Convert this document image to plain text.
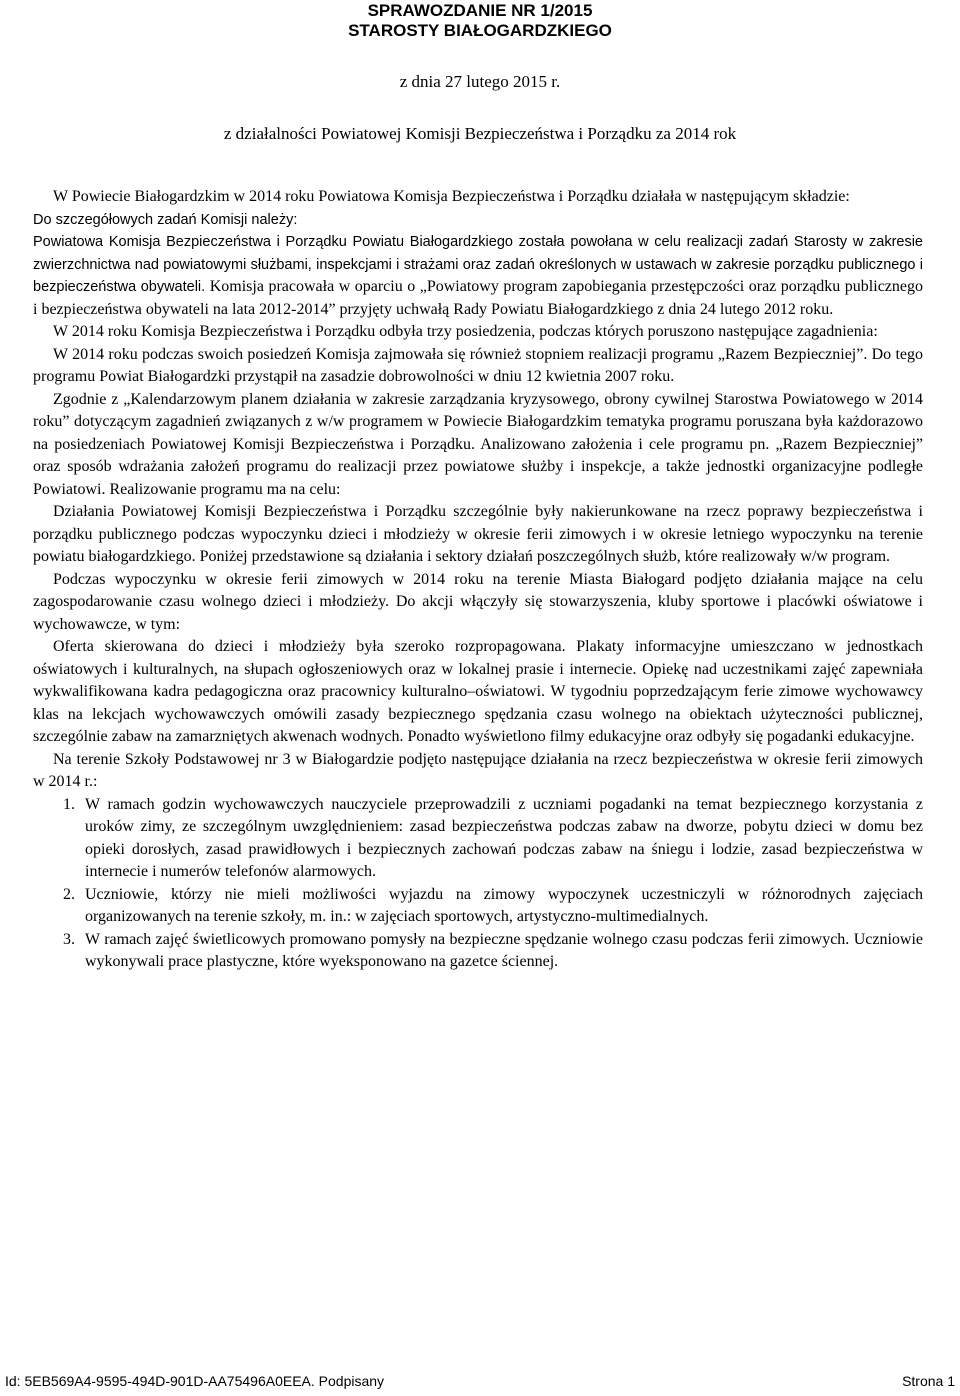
SPRAWOZDANIE NR 1/2015
STAROSTY BIAŁOGARDZKIEGO
z dnia 27 lutego 2015 r.
z działalności Powiatowej Komisji Bezpieczeństwa i Porządku za 2014 rok

W Powiecie Białogardzkim w 2014 roku Powiatowa Komisja Bezpieczeństwa i Porządku działała w następującym składzie:

Do szczegółowych zadań Komisji należy:

Powiatowa Komisja Bezpieczeństwa i Porządku Powiatu Białogardzkiego została powołana w celu realizacji zadań Starosty w zakresie zwierzchnictwa nad powiatowymi służbami, inspekcjami i strażami oraz zadań określonych w ustawach w zakresie porządku publicznego i bezpieczeństwa obywateli. Komisja pracowała w oparciu o „Powiatowy program zapobiegania przestępczości oraz porządku publicznego i bezpieczeństwa obywateli na lata 2012-2014” przyjęty uchwałą Rady Powiatu Białogardzkiego z dnia 24 lutego 2012 roku.

W 2014 roku Komisja Bezpieczeństwa i Porządku odbyła trzy posiedzenia, podczas których poruszono następujące zagadnienia:

W 2014 roku podczas swoich posiedzeń Komisja zajmowała się również stopniem realizacji programu „Razem Bezpieczniej”. Do tego programu Powiat Białogardzki przystąpił na zasadzie dobrowolności w dniu 12 kwietnia 2007 roku.

Zgodnie z „Kalendarzowym planem działania w zakresie zarządzania kryzysowego, obrony cywilnej Starostwa Powiatowego w 2014 roku” dotyczącym zagadnień związanych z w/w programem w Powiecie Białogardzkim tematyka programu poruszana była każdorazowo na posiedzeniach Powiatowej Komisji Bezpieczeństwa i Porządku. Analizowano założenia i cele programu pn. „Razem Bezpieczniej” oraz sposób wdrażania założeń programu do realizacji przez powiatowe służby i inspekcje, a także jednostki organizacyjne podległe Powiatowi. Realizowanie programu ma na celu:

Działania Powiatowej Komisji Bezpieczeństwa i Porządku szczególnie były nakierunkowane na rzecz poprawy bezpieczeństwa i porządku publicznego podczas wypoczynku dzieci i młodzieży w okresie ferii zimowych i w okresie letniego wypoczynku na terenie powiatu białogardzkiego. Poniżej przedstawione są działania i sektory działań poszczególnych służb, które realizowały w/w program.

Podczas wypoczynku w okresie ferii zimowych w 2014 roku na terenie Miasta Białogard podjęto działania mające na celu zagospodarowanie czasu wolnego dzieci i młodzieży. Do akcji włączyły się stowarzyszenia, kluby sportowe i placówki oświatowe i wychowawcze, w tym:

Oferta skierowana do dzieci i młodzieży była szeroko rozpropagowana. Plakaty informacyjne umieszczano w jednostkach oświatowych i kulturalnych, na słupach ogłoszeniowych oraz w lokalnej prasie i internecie. Opiekę nad uczestnikami zajęć zapewniała wykwalifikowana kadra pedagogiczna oraz pracownicy kulturalno–oświatowi. W tygodniu poprzedzającym ferie zimowe wychowawcy klas na lekcjach wychowawczych omówili zasady bezpiecznego spędzania czasu wolnego na obiektach użyteczności publicznej, szczególnie zabaw na zamarzniętych akwenach wodnych. Ponadto wyświetlono filmy edukacyjne oraz odbyły się pogadanki edukacyjne.

Na terenie Szkoły Podstawowej nr 3 w Białogardzie podjęto następujące działania na rzecz bezpieczeństwa w okresie ferii zimowych w 2014 r.:

1. W ramach godzin wychowawczych nauczyciele przeprowadzili z uczniami pogadanki na temat bezpiecznego korzystania z uroków zimy, ze szczególnym uwzględnieniem: zasad bezpieczeństwa podczas zabaw na dworze, pobytu dzieci w domu bez opieki dorosłych, zasad prawidłowych i bezpiecznych zachowań podczas zabaw na śniegu i lodzie, zasad bezpieczeństwa w internecie i numerów telefonów alarmowych.
2. Uczniowie, którzy nie mieli możliwości wyjazdu na zimowy wypoczynek uczestniczyli w różnorodnych zajęciach organizowanych na terenie szkoły, m. in.: w zajęciach sportowych, artystyczno-multimedialnych.
3. W ramach zajęć świetlicowych promowano pomysły na bezpieczne spędzanie wolnego czasu podczas ferii zimowych. Uczniowie wykonywali prace plastyczne, które wyeksponowano na gazetce ściennej.
Id: 5EB569A4-9595-494D-901D-AA75496A0EEA. Podpisany	Strona 1
